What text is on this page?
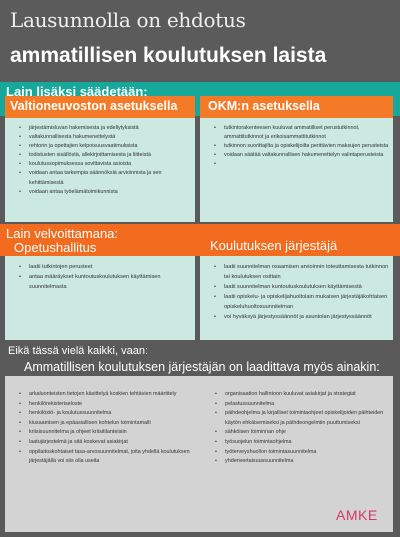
Lausunnolla on ehdotus
ammatillisen koulutuksen laista
Lain lisäksi säädetään:
Valtioneuvoston asetuksella OKM:n asetuksella
• järjestämisluvan hakemisesta ja edellytyksistä
• valtakunnallisesta hakumenettelystä
• rehtorin ja opettajien kelpoisuusvaatimuksista
• todistusten sisällöstä, allekirjoittamisesta ja liitteistä
• koulutussopimuksessa sovittavista asioista
• voidaan antaa tarkempia säännöksiä arvioinnista ja sen kehittämisestä
• voidaan antaa työelämätoimikunnista
• tutkintorakenteesen kuuluvat ammatilliset perustutkinnot, ammattitutkinnot ja erikoisammattitutkinnot
• tutkinnon suorittajilta ja opiskelijoilta perittävien maksujen perusteista
• voidaan säätää valtakunnallisen hakumenettelyn valintaperusteista
Lain velvoittamana:
Opetushallitus	Koulutuksen järjestäjä
• laatii tutkintojen perusteet
• antaa määräykset kuntoutuskoulutuksen käyttämisen suunnitelmasta
• laatii suunnitelman osaamisen arvioinnin toteuttamisesta tutkinnon tai koulutuksen osittain
• laatii suunnitelman kuntoutuskoulutuksen käyttämisestä
• laatii opiskelu- ja opiskelijahuoltolain mukaisen järjestäjäkohtaisen opiskeluhuoltosuunnitelman
• voi hyväksyä järjestyssäännöt ja asuntolan järjestyssäännöt
Eikä tässä vielä kaikki, vaan:
Ammatillisen koulutuksen järjestäjän on laadittava myös ainakin:
• arkaluonteisten tietojen käsittelyä koskien tehtävien määrittely
• henkilörekisteriseloste
• henkilöstö- ja koulutussuunnitelma
• kiusaamisen ja epäasiallisen kohtelun toimintamalli
• kriisisuunnitelma ja ohjeet kriisitilanteisiin
• laatujärjestelmä ja sitä koskevat asiakirjat
• oppilaitoskohtaiset tasa-arvosuunnitelmat, joita yhdellä koulutuksen järjestäjällä voi siis olla useita
• organisaation hallintoon kuuluvat asiakirjat ja strategiat
• pelastussuunnitelma
• päihdeohjelma ja kirjalliset toimintaohjeet opiskelijoiden päihteiden käytön ehkäisemiseksi ja päihdeongelmiin puuttumiseksi
• sähköisen toiminnan ohje
• työsuojelun toimintaohjelma
• työterveyshuollon toimintasuunnitelma
• yhdenvertaisuussuunnitelma
AMKE
